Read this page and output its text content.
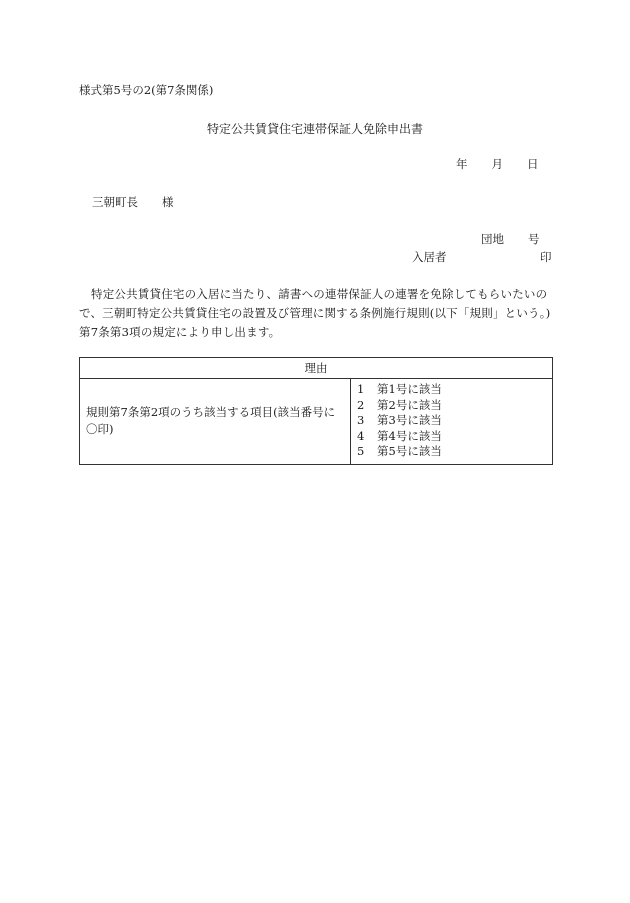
様式第5号の2(第7条関係)
特定公共賃貸住宅連帯保証人免除申出書
年 月 日
三朝町長 様
団地 号
入居者	印
特定公共賃貸住宅の入居に当たり、請書への連帯保証人の連署を免除してもらいたいので、三朝町特定公共賃貸住宅の設置及び管理に関する条例施行規則(以下「規則」という。)第7条第3項の規定により申し出ます。
理由
規則第7条第2項のうち該当する項目(該当番号に〇印)	
1 第1号に該当
2 第2号に該当
3 第3号に該当
4 第4号に該当
5 第5号に該当
